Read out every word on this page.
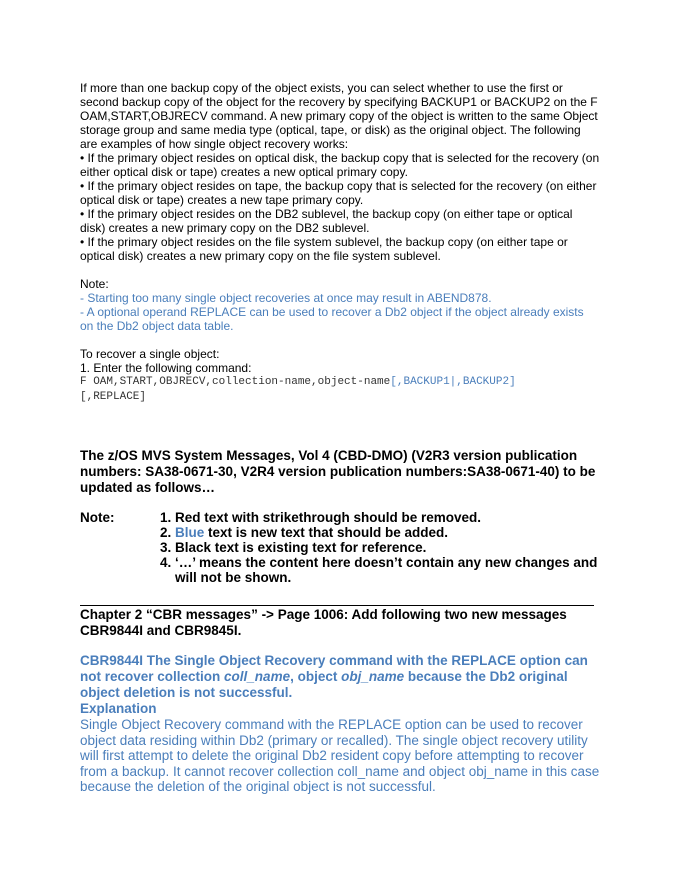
If more than one backup copy of the object exists, you can select whether to use the first or second backup copy of the object for the recovery by specifying BACKUP1 or BACKUP2 on the F OAM,START,OBJRECV command. A new primary copy of the object is written to the same Object storage group and same media type (optical, tape, or disk) as the original object. The following are examples of how single object recovery works:

• If the primary object resides on optical disk, the backup copy that is selected for the recovery (on either optical disk or tape) creates a new optical primary copy.

• If the primary object resides on tape, the backup copy that is selected for the recovery (on either optical disk or tape) creates a new tape primary copy.

• If the primary object resides on the DB2 sublevel, the backup copy (on either tape or optical disk) creates a new primary copy on the DB2 sublevel.

• If the primary object resides on the file system sublevel, the backup copy (on either tape or optical disk) creates a new primary copy on the file system sublevel.

Note:

- Starting too many single object recoveries at once may result in ABEND878.

- A optional operand REPLACE can be used to recover a Db2 object if the object already exists on the Db2 object data table.

To recover a single object:

1. Enter the following command:

F OAM,START,OBJRECV,collection-name,object-name[,BACKUP1|,BACKUP2]

[,REPLACE]

The z/OS MVS System Messages, Vol 4 (CBD-DMO) (V2R3 version publication numbers: SA38-0671-30, V2R4 version publication numbers:SA38-0671-40) to be updated as follows…
Note:	1. Red text with strikethrough should be removed.
2. Blue text is new text that should be added.
3. Black text is existing text for reference.
4. ‘…’ means the content here doesn’t contain any new changes and will not be shown.
Chapter 2 “CBR messages” -> Page 1006: Add following two new messages CBR9844I and CBR9845I.

CBR9844I The Single Object Recovery command with the REPLACE option can not recover collection coll_name, object obj_name because the Db2 original object deletion is not successful.

Explanation

Single Object Recovery command with the REPLACE option can be used to recover object data residing within Db2 (primary or recalled). The single object recovery utility will first attempt to delete the original Db2 resident copy before attempting to recover from a backup. It cannot recover collection coll_name and object obj_name in this case because the deletion of the original object is not successful.
